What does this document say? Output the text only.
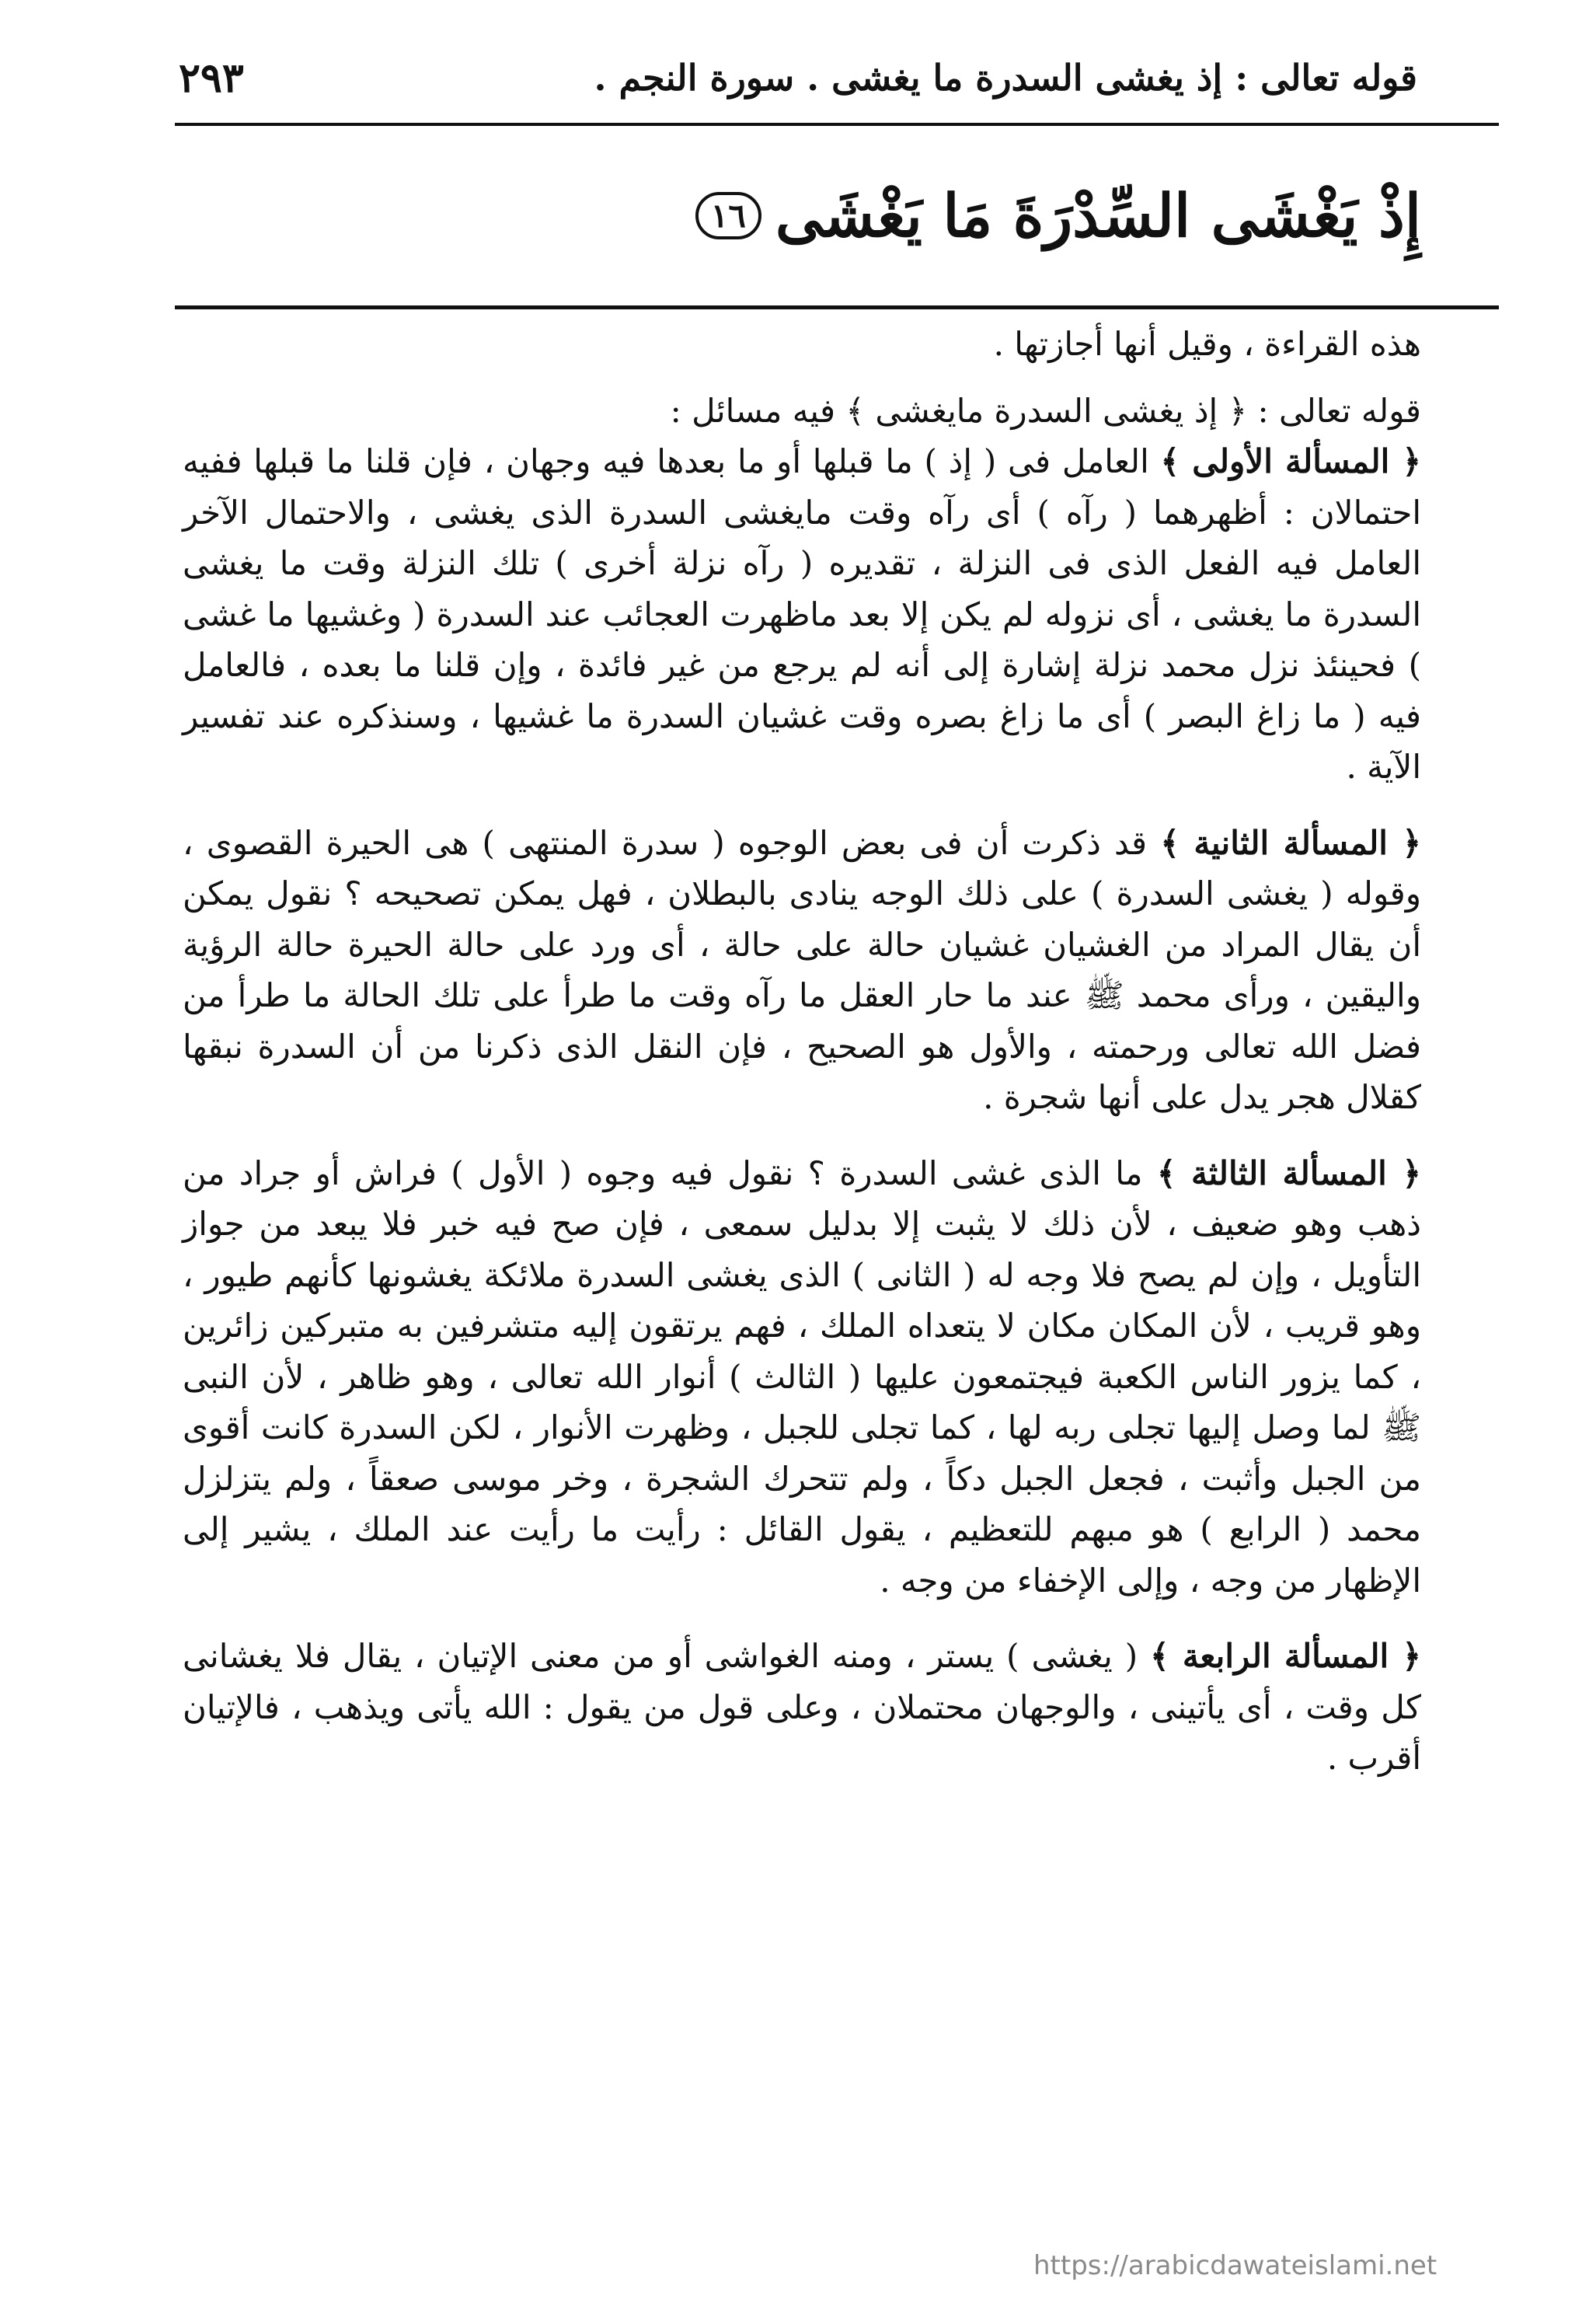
قوله تعالى : إذ يغشى السدرة ما يغشى . سورة النجم .
٢٩٣
إِذْ يَغْشَى السِّدْرَةَ مَا يَغْشَى
١٦

هذه القراءة ، وقيل أنها أجازتها .

قوله تعالى : ﴿ إذ يغشى السدرة مايغشى ﴾ فيه مسائل :

﴿ المسألة الأولى ﴾ العامل فى ( إذ ) ما قبلها أو ما بعدها فيه وجهان ، فإن قلنا ما قبلها ففيه احتمالان : أظهرهما ( رآه ) أى رآه وقت مايغشى السدرة الذى يغشى ، والاحتمال الآخر العامل فيه الفعل الذى فى النزلة ، تقديره ( رآه نزلة أخرى ) تلك النزلة وقت ما يغشى السدرة ما يغشى ، أى نزوله لم يكن إلا بعد ماظهرت العجائب عند السدرة ( وغشيها ما غشى ) فحينئذ نزل محمد نزلة إشارة إلى أنه لم يرجع من غير فائدة ، وإن قلنا ما بعده ، فالعامل فيه ( ما زاغ البصر ) أى ما زاغ بصره وقت غشيان السدرة ما غشيها ، وسنذكره عند تفسير الآية .

﴿ المسألة الثانية ﴾ قد ذكرت أن فى بعض الوجوه ( سدرة المنتهى ) هى الحيرة القصوى ، وقوله ( يغشى السدرة ) على ذلك الوجه ينادى بالبطلان ، فهل يمكن تصحيحه ؟ نقول يمكن أن يقال المراد من الغشيان غشيان حالة على حالة ، أى ورد على حالة الحيرة حالة الرؤية واليقين ، ورأى محمد ﷺ عند ما حار العقل ما رآه وقت ما طرأ على تلك الحالة ما طرأ من فضل الله تعالى ورحمته ، والأول هو الصحيح ، فإن النقل الذى ذكرنا من أن السدرة نبقها كقلال هجر يدل على أنها شجرة .

﴿ المسألة الثالثة ﴾ ما الذى غشى السدرة ؟ نقول فيه وجوه ( الأول ) فراش أو جراد من ذهب وهو ضعيف ، لأن ذلك لا يثبت إلا بدليل سمعى ، فإن صح فيه خبر فلا يبعد من جواز التأويل ، وإن لم يصح فلا وجه له ( الثانى ) الذى يغشى السدرة ملائكة يغشونها كأنهم طيور ، وهو قريب ، لأن المكان مكان لا يتعداه الملك ، فهم يرتقون إليه متشرفين به متبركين زائرين ، كما يزور الناس الكعبة فيجتمعون عليها ( الثالث ) أنوار الله تعالى ، وهو ظاهر ، لأن النبى ﷺ لما وصل إليها تجلى ربه لها ، كما تجلى للجبل ، وظهرت الأنوار ، لكن السدرة كانت أقوى من الجبل وأثبت ، فجعل الجبل دكاً ، ولم تتحرك الشجرة ، وخر موسى صعقاً ، ولم يتزلزل محمد ( الرابع ) هو مبهم للتعظيم ، يقول القائل : رأيت ما رأيت عند الملك ، يشير إلى الإظهار من وجه ، وإلى الإخفاء من وجه .

﴿ المسألة الرابعة ﴾ ( يغشى ) يستر ، ومنه الغواشى أو من معنى الإتيان ، يقال فلا يغشانى كل وقت ، أى يأتينى ، والوجهان محتملان ، وعلى قول من يقول : الله يأتى ويذهب ، فالإتيان أقرب .

https://arabicdawateislami.net
